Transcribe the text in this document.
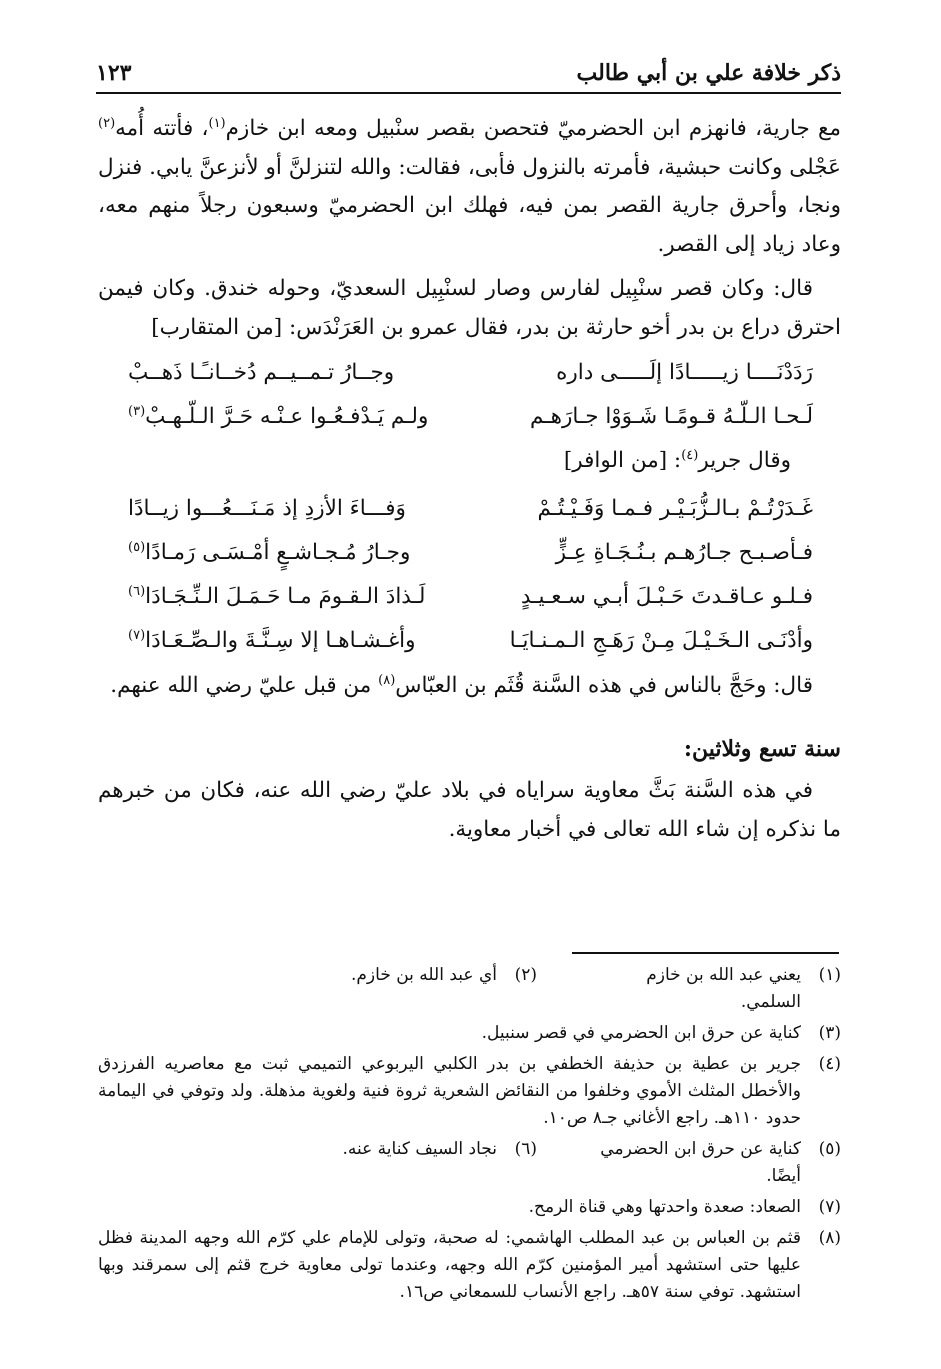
ذكر خلافة علي بن أبي طالب
١٢٣

مع جارية، فانهزم ابن الحضرميّ فتحصن بقصر سنْبيل ومعه ابن خازم$^{(١)}$، فأتته أُمه$^{(٢)}$ عَجْلى وكانت حبشية، فأمرته بالنزول فأبى، فقالت: والله لتنزلنَّ أو لأنزعنَّ يابي. فنزل ونجا، وأحرق جارية القصر بمن فيه، فهلك ابن الحضرميّ وسبعون رجلاً منهم معه، وعاد زياد إلى القصر.

قال: وكان قصر سنْبِيل لفارس وصار لسنْبِيل السعديّ، وحوله خندق. وكان فيمن احترق دراع بن بدر أخو حارثة بن بدر، فقال عمرو بن العَرَنْدَس: [من المتقارب]

رَدَدْنَــــا زيـــــادًا إلَـــــى داره
وجــارُ تـمــيــم دُخــانـًـا ذَهــبْ
لَـحـا الـلّـهُ قـومًـا شَـوَوْا جـارَهـم
ولـم يَـدْفـعُـوا عـنْـه حَـرَّ الـلّـهـبْ$^{(٣)}$
وقال جرير$^{(٤)}$: [من الوافر]
غَـدَرْتُـمْ بـالـزُّبَـيْـر فـمـا وَفَـيْـتُـمْ
وَفـــاءَ الأزدِ إذ مَـنَـــعُـــوا زيــادًا
فـأصـبـح جـارُهـم بـنُـجَـاةِ عِـزٍّ
وجـارُ مُـجـاشـعٍ أمْـسَـى رَمـادًا$^{(٥)}$
فـلـو عـاقـدتَ حَـبْـلَ أبـي سـعـيـدٍ
لَـذادَ الـقـومَ مـا حَـمَـلَ الـنِّـجَـادَا$^{(٦)}$
وأدْنَـى الـخَـيْـلَ مِـنْ رَهَـجِ الـمـنـايَـا
وأغـشـاهـا إلا سِـنَّـةَ والـصِّـعَـادَا$^{(٧)}$

قال: وحَجَّ بالناس في هذه السَّنة قُثَم بن العبّاس$^{(٨)}$ من قبل عليّ رضي الله عنهم.

سنة تسع وثلاثين:

في هذه السَّنة بَثَّ معاوية سراياه في بلاد عليّ رضي الله عنه، فكان من خبرهم ما نذكره إن شاء الله تعالى في أخبار معاوية.

(١)
يعني عبد الله بن خازم السلمي.
(٢)
أي عبد الله بن خازم.
(٣)
كناية عن حرق ابن الحضرمي في قصر سنبيل.
(٤)
جرير بن عطية بن حذيفة الخطفي بن بدر الكلبي اليربوعي التميمي ثبت مع معاصريه الفرزدق والأخطل المثلث الأموي وخلفوا من النقائض الشعرية ثروة فنية ولغوية مذهلة. ولد وتوفي في اليمامة حدود ١١٠هـ. راجع الأغاني جـ٨ ص١٠.
(٥)
كناية عن حرق ابن الحضرمي أيضًا.
(٦)
نجاد السيف كناية عنه.
(٧)
الصعاد: صعدة واحدتها وهي قناة الرمح.
(٨)
قثم بن العباس بن عبد المطلب الهاشمي: له صحبة، وتولى للإمام علي كرّم الله وجهه المدينة فظل عليها حتى استشهد أمير المؤمنين كرّم الله وجهه، وعندما تولى معاوية خرج قثم إلى سمرقند وبها استشهد. توفي سنة ٥٧هـ. راجع الأنساب للسمعاني ص١٦.
